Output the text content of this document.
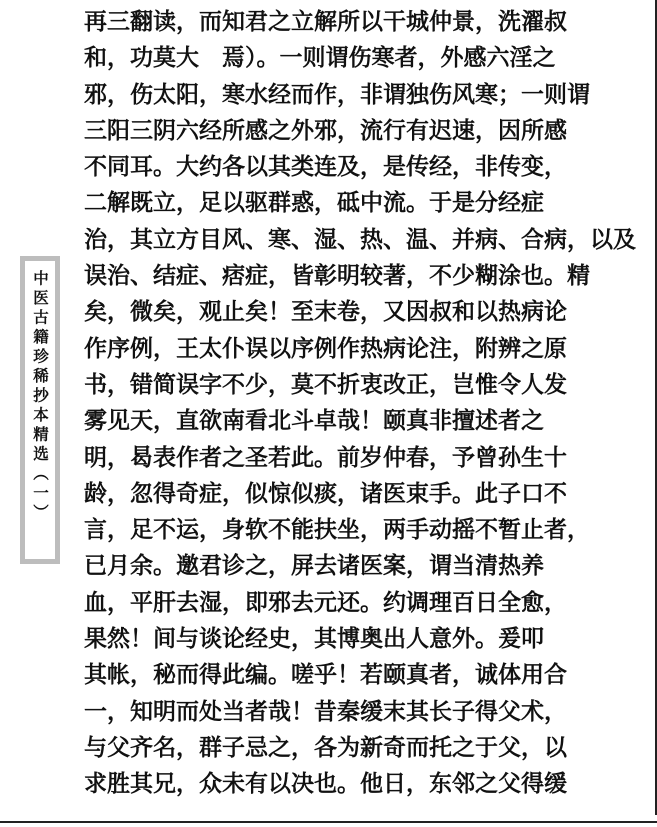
中医古籍珍稀抄本精选（一）
再三翻读，而知君之立解所以干城仲景，洗濯叔
和，功莫大　焉）。一则谓伤寒者，外感六淫之
邪，伤太阳，寒水经而作，非谓独伤风寒；一则谓
三阳三阴六经所感之外邪，流行有迟速，因所感
不同耳。大约各以其类连及，是传经，非传变，
二解既立，足以驱群惑，砥中流。于是分经症
治，其立方目风、寒、湿、热、温、并病、合病，以及
误治、结症、痞症，皆彰明较著，不少糊涂也。精
矣，微矣，观止矣！至末卷，又因叔和以热病论
作序例，王太仆误以序例作热病论注，附辨之原
书，错简误字不少，莫不折衷改正，岂惟令人发
雾见天，直欲南看北斗卓哉！颐真非擅述者之
明，曷表作者之圣若此。前岁仲春，予曾孙生十
龄，忽得奇症，似惊似痰，诸医束手。此子口不
言，足不运，身软不能扶坐，两手动摇不暂止者，
已月余。邀君诊之，屏去诸医案，谓当清热养
血，平肝去湿，即邪去元还。约调理百日全愈，
果然！间与谈论经史，其博奥出人意外。爰叩
其帐，秘而得此编。嗟乎！若颐真者，诚体用合
一，知明而处当者哉！昔秦缓末其长子得父术，
与父齐名，群子忌之，各为新奇而托之于父，以
求胜其兄，众未有以决也。他日，东邻之父得缓
